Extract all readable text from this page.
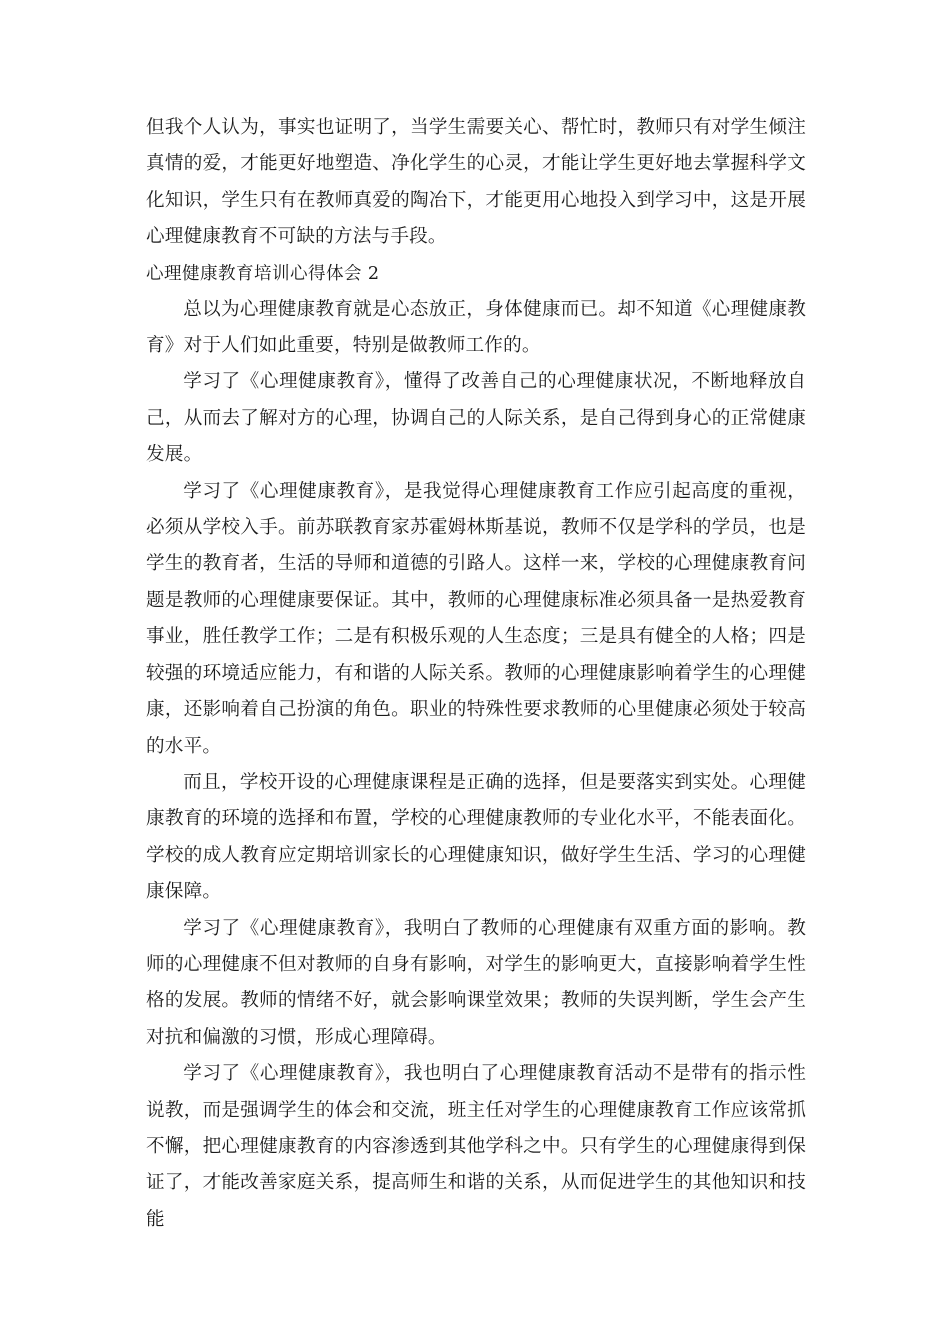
但我个人认为，事实也证明了，当学生需要关心、帮忙时，教师只有对学生倾注真情的爱，才能更好地塑造、净化学生的心灵，才能让学生更好地去掌握科学文化知识，学生只有在教师真爱的陶冶下，才能更用心地投入到学习中，这是开展心理健康教育不可缺的方法与手段。

心理健康教育培训心得体会 2

总以为心理健康教育就是心态放正，身体健康而已。却不知道《心理健康教育》对于人们如此重要，特别是做教师工作的。

学习了《心理健康教育》，懂得了改善自己的心理健康状况，不断地释放自己，从而去了解对方的心理，协调自己的人际关系，是自己得到身心的正常健康发展。

学习了《心理健康教育》，是我觉得心理健康教育工作应引起高度的重视，必须从学校入手。前苏联教育家苏霍姆林斯基说，教师不仅是学科的学员，也是学生的教育者，生活的导师和道德的引路人。这样一来，学校的心理健康教育问题是教师的心理健康要保证。其中，教师的心理健康标准必须具备一是热爱教育事业，胜任教学工作；二是有积极乐观的人生态度；三是具有健全的人格；四是较强的环境适应能力，有和谐的人际关系。教师的心理健康影响着学生的心理健康，还影响着自己扮演的角色。职业的特殊性要求教师的心里健康必须处于较高的水平。

而且，学校开设的心理健康课程是正确的选择，但是要落实到实处。心理健康教育的环境的选择和布置，学校的心理健康教师的专业化水平，不能表面化。学校的成人教育应定期培训家长的心理健康知识，做好学生生活、学习的心理健康保障。

学习了《心理健康教育》，我明白了教师的心理健康有双重方面的影响。教师的心理健康不但对教师的自身有影响，对学生的影响更大，直接影响着学生性格的发展。教师的情绪不好，就会影响课堂效果；教师的失误判断，学生会产生对抗和偏激的习惯，形成心理障碍。

学习了《心理健康教育》，我也明白了心理健康教育活动不是带有的指示性说教，而是强调学生的体会和交流，班主任对学生的心理健康教育工作应该常抓不懈，把心理健康教育的内容渗透到其他学科之中。只有学生的心理健康得到保证了，才能改善家庭关系，提高师生和谐的关系，从而促进学生的其他知识和技能
